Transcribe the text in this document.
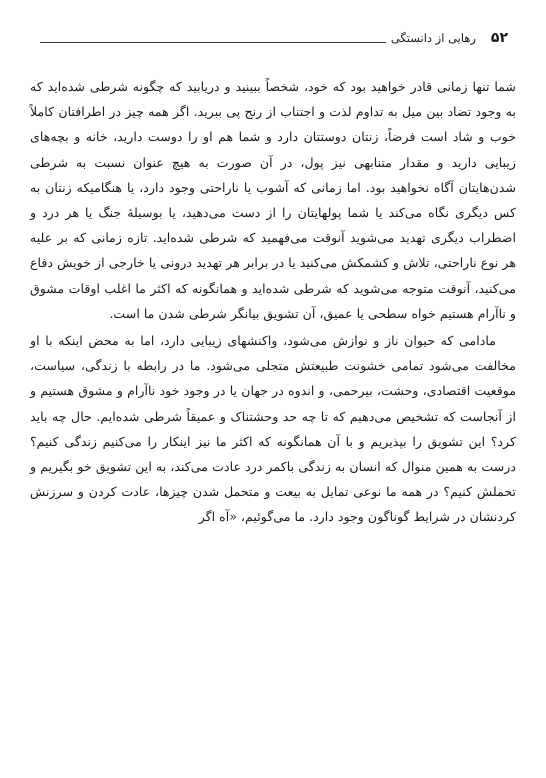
۵۲
رهایی از دانستگی

شما تنها زمانی قادر خواهید بود که خود، شخصاً ببینید و دریابید که چگونه شرطی شده‌اید که به وجود تضاد بین میل به تداوم لذت و اجتناب از رنج پی ببرید. اگر همه چیز در اطرافتان کاملاً خوب و شاد است فرضاً، زنتان دوستتان دارد و شما هم او را دوست دارید، خانه و بچه‌های زیبایی دارید و مقدار متنابهی نیز پول، در آن صورت به هیچ عنوان نسبت به شرطی شدن‌هایتان آگاه نخواهید بود. اما زمانی که آشوب یا ناراحتی وجود دارد، یا هنگامیکه زنتان به کس دیگری نگاه می‌کند یا شما پولهایتان را از دست می‌دهید، یا بوسیلهٔ جنگ یا هر درد و اضطراب دیگری تهدید می‌شوید آنوقت می‌فهمید که شرطی شده‌اید. تازه زمانی که بر علیه هر نوع ناراحتی، تلاش و کشمکش می‌کنید یا در برابر هر تهدید درونی یا خارجی از خویش دفاع می‌کنید، آنوقت متوجه می‌شوید که شرطی شده‌اید و همانگونه که اکثر ما اغلب اوقات مشوق و ناآرام هستیم خواه سطحی یا عمیق، آن تشویق بیانگر شرطی شدن ما است.

مادامی که حیوان ناز و نوازش می‌شود، واکنشهای زیبایی دارد، اما به محض اینکه با او مخالفت می‌شود تمامی خشونت طبیعتش متجلی می‌شود. ما در رابطه با زندگی، سیاست، موقعیت اقتصادی، وحشت، بیرحمی، و اندوه در جهان یا در وجود خود ناآرام و مشوق هستیم و از آنجاست که تشخیص می‌دهیم که تا چه حد وحشتناک و عمیقاً شرطی شده‌ایم. حال چه باید کرد؟ این تشویق را بپذیریم و با آن همانگونه که اکثر ما نیز اینکار را می‌کنیم زندگی کنیم؟ درست به همین منوال که انسان به زندگی باکمر درد عادت می‌کند، به این تشویق خو بگیریم و تحملش کنیم؟ در همه ما نوعی تمایل به بیعت و متحمل شدن چیزها، عادت کردن و سرزنش کردنشان در شرایط گوناگون وجود دارد. ما می‌گوئیم، «آه اگر
